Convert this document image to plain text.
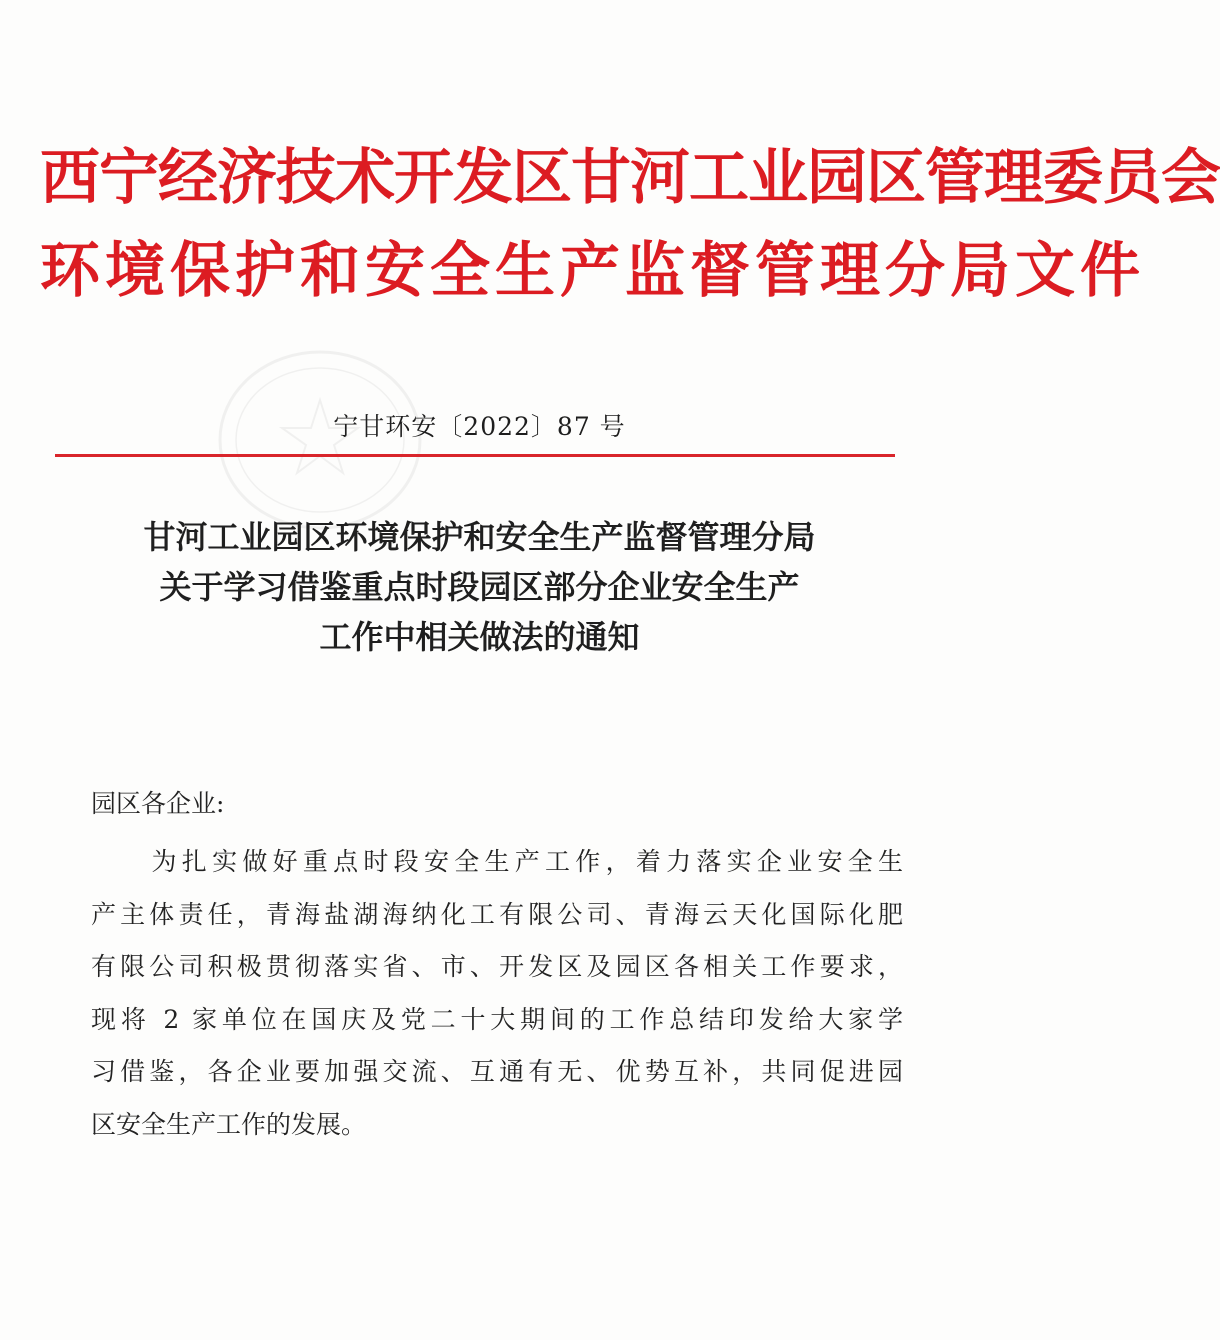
西宁经济技术开发区甘河工业园区管理委员会
环境保护和安全生产监督管理分局文件
宁甘环安〔2022〕87 号
甘河工业园区环境保护和安全生产监督管理分局
关于学习借鉴重点时段园区部分企业安全生产
工作中相关做法的通知
园区各企业:
　　为扎实做好重点时段安全生产工作，着力落实企业安全生
产主体责任，青海盐湖海纳化工有限公司、青海云天化国际化肥
有限公司积极贯彻落实省、市、开发区及园区各相关工作要求，
现将 2 家单位在国庆及党二十大期间的工作总结印发给大家学
习借鉴，各企业要加强交流、互通有无、优势互补，共同促进园
区安全生产工作的发展。
